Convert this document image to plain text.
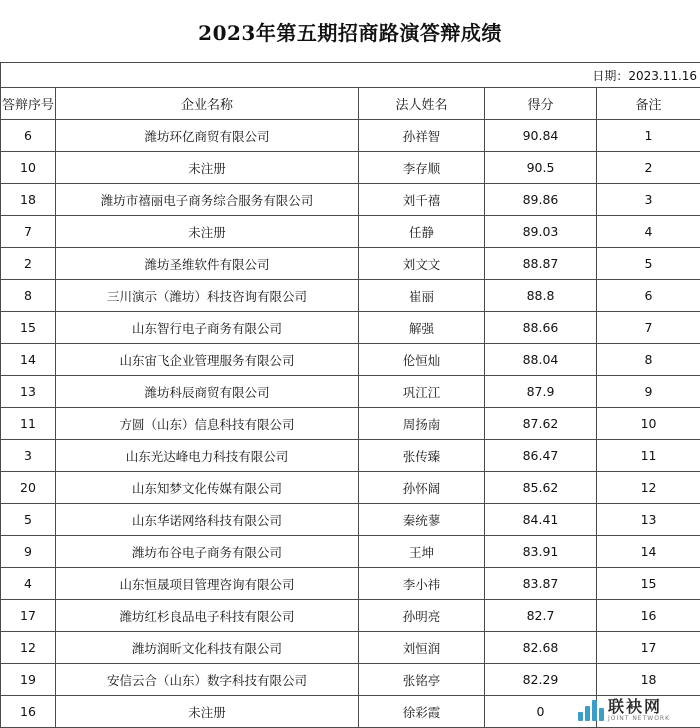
2023年第五期招商路演答辩成绩
日期：2023.11.16				
答辩序号	企业名称	法人姓名	得分	备注
6	潍坊环亿商贸有限公司	孙祥智	90.84	1
10	未注册	李存顺	90.5	2
18	潍坊市禧丽电子商务综合服务有限公司	刘千禧	89.86	3
7	未注册	任静	89.03	4
2	潍坊圣维软件有限公司	刘文文	88.87	5
8	三川演示（潍坊）科技咨询有限公司	崔丽	88.8	6
15	山东智行电子商务有限公司	解强	88.66	7
14	山东宙飞企业管理服务有限公司	伦恒灿	88.04	8
13	潍坊科辰商贸有限公司	巩江江	87.9	9
11	方圆（山东）信息科技有限公司	周扬南	87.62	10
3	山东光达峰电力科技有限公司	张传臻	86.47	11
20	山东知梦文化传媒有限公司	孙怀阔	85.62	12
5	山东华诺网络科技有限公司	秦统蓼	84.41	13
9	潍坊布谷电子商务有限公司	王坤	83.91	14
4	山东恒晟项目管理咨询有限公司	李小祎	83.87	15
17	潍坊红杉良品电子科技有限公司	孙明亮	82.7	16
12	潍坊润昕文化科技有限公司	刘恒润	82.68	17
19	安信云合（山东）数字科技有限公司	张铭亭	82.29	18
16	未注册	徐彩霞	0		联袂网
JOINT NETWORK
